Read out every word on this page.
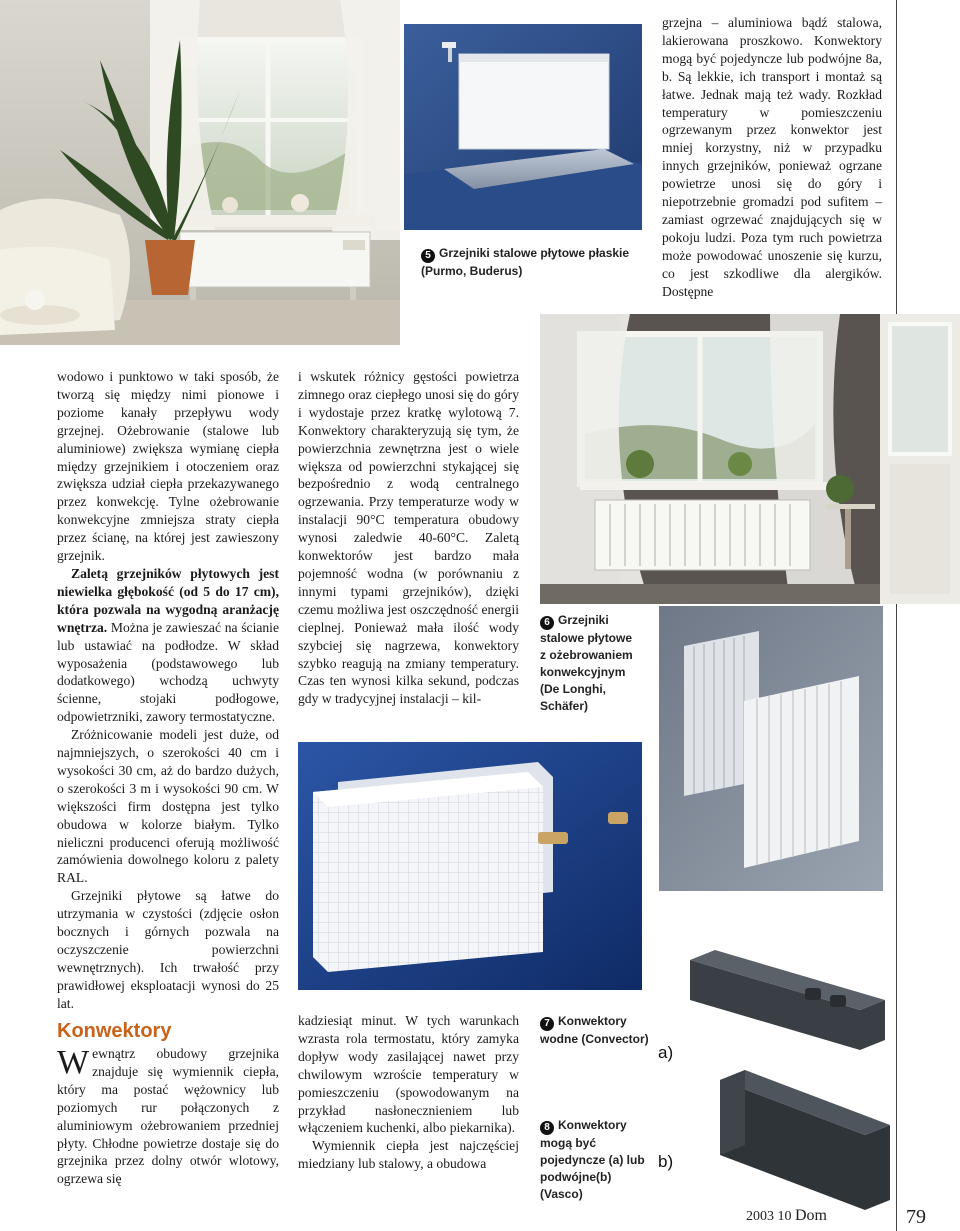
5 Grzejniki stalowe płytowe płaskie (Purmo, Buderus)

grzejna – aluminiowa bądź stalowa, lakierowana proszkowo. Konwektory mogą być pojedyncze lub podwójne 8a, b. Są lekkie, ich transport i montaż są łatwe. Jednak mają też wady. Rozkład temperatury w pomieszczeniu ogrzewanym przez konwektor jest mniej korzystny, niż w przypadku innych grzejników, ponieważ ogrzane powietrze unosi się do góry i niepotrzebnie gromadzi pod sufitem – zamiast ogrzewać znajdujących się w pokoju ludzi. Poza tym ruch powietrza może powodować unoszenie się kurzu, co jest szkodliwe dla alergików. Dostępne

wodowo i punktowo w taki sposób, że tworzą się między nimi pionowe i poziome kanały przepływu wody grzejnej. Ożebrowanie (stalowe lub aluminiowe) zwiększa wymianę ciepła między grzejnikiem i otoczeniem oraz zwiększa udział ciepła przekazywanego przez konwekcję. Tylne ożebrowanie konwekcyjne zmniejsza straty ciepła przez ścianę, na której jest zawieszony grzejnik.

Zaletą grzejników płytowych jest niewielka głębokość (od 5 do 17 cm), która pozwala na wygodną aranżację wnętrza. Można je zawieszać na ścianie lub ustawiać na podłodze. W skład wyposażenia (podstawowego lub dodatkowego) wchodzą uchwyty ścienne, stojaki podłogowe, odpowietrzniki, zawory termostatyczne.

Zróżnicowanie modeli jest duże, od najmniejszych, o szerokości 40 cm i wysokości 30 cm, aż do bardzo dużych, o szerokości 3 m i wysokości 90 cm. W większości firm dostępna jest tylko obudowa w kolorze białym. Tylko nieliczni producenci oferują możliwość zamówienia dowolnego koloru z palety RAL.

Grzejniki płytowe są łatwe do utrzymania w czystości (zdjęcie osłon bocznych i górnych pozwala na oczyszczenie powierzchni wewnętrznych). Ich trwałość przy prawidłowej eksploatacji wynosi do 25 lat.

i wskutek różnicy gęstości powietrza zimnego oraz ciepłego unosi się do góry i wydostaje przez kratkę wylotową 7. Konwektory charakteryzują się tym, że powierzchnia zewnętrzna jest o wiele większa od powierzchni stykającej się bezpośrednio z wodą centralnego ogrzewania. Przy temperaturze wody w instalacji 90°C temperatura obudowy wynosi zaledwie 40-60°C. Zaletą konwektorów jest bardzo mała pojemność wodna (w porównaniu z innymi typami grzejników), dzięki czemu możliwa jest oszczędność energii cieplnej. Ponieważ mała ilość wody szybciej się nagrzewa, konwektory szybko reagują na zmiany temperatury. Czas ten wynosi kilka sekund, podczas gdy w tradycyjnej instalacji – kil-

6 Grzejniki stalowe płytowe z ożebrowaniem konwekcyjnym (De Longhi, Schäfer)
Konwektory

Wewnątrz obudowy grzejnika znajduje się wymiennik ciepła, który ma postać wężownicy lub poziomych rur połączonych z aluminiowym ożebrowaniem przedniej płyty. Chłodne powietrze dostaje się do grzejnika przez dolny otwór wlotowy, ogrzewa się

kadziesiąt minut. W tych warunkach wzrasta rola termostatu, który zamyka dopływ wody zasilającej nawet przy chwilowym wzroście temperatury w pomieszczeniu (spowodowanym na przykład nasłonecznieniem lub włączeniem kuchenki, albo piekarnika).

Wymiennik ciepła jest najczęściej miedziany lub stalowy, a obudowa

7 Konwektory wodne (Convector)
8 Konwektory mogą być pojedyncze (a) lub podwójne(b) (Vasco)
a)
b)
2003 10 Dom	79
